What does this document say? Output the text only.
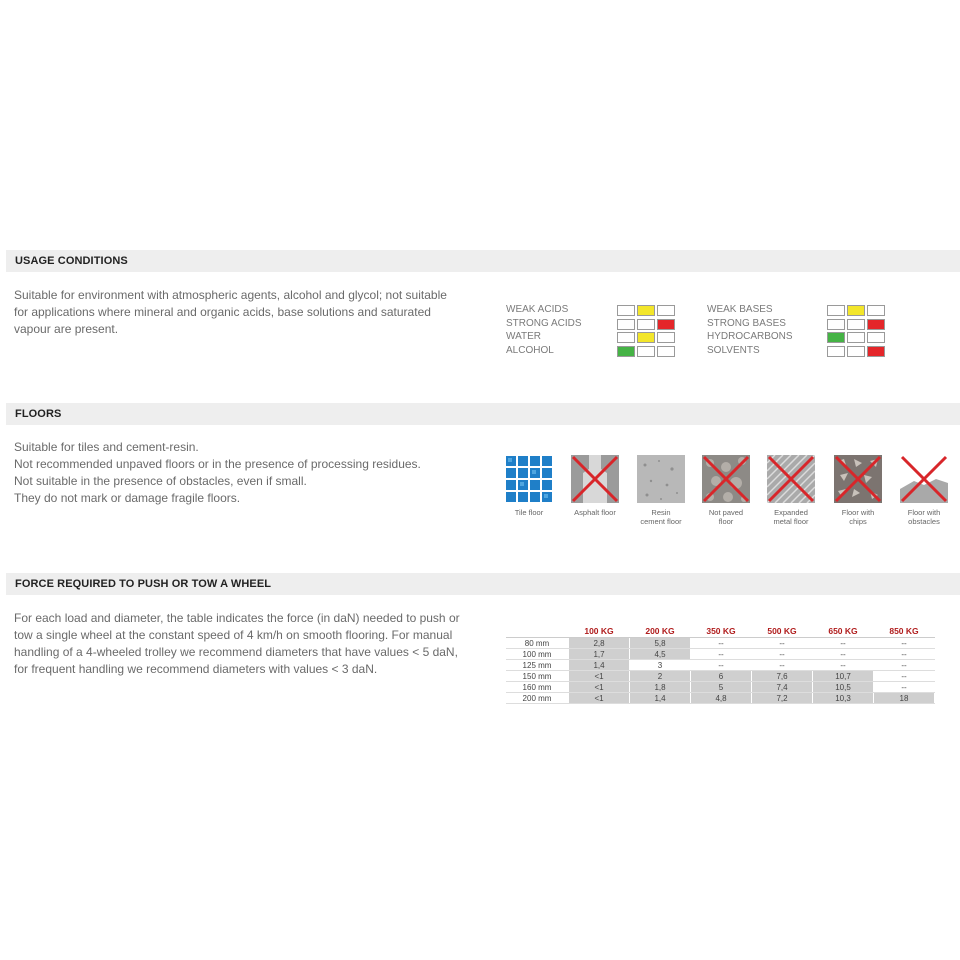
USAGE CONDITIONS
Suitable for environment with atmospheric agents, alcohol and glycol; not suitable
for applications where mineral and organic acids, base solutions and saturated
vapour are present.
WEAK ACIDS
STRONG ACIDS
WATER
ALCOHOL
WEAK BASES
STRONG BASES
HYDROCARBONS
SOLVENTS
FLOORS
Suitable for tiles and cement-resin.
Not recommended unpaved floors or in the presence of processing residues.
Not suitable in the presence of obstacles, even if small.
They do not mark or damage fragile floors.
Tile floor	Asphalt floor	Resin
cement floor
Not paved
floor
Expanded
metal floor
Floor with
chips
Floor with
obstacles
FORCE REQUIRED TO PUSH OR TOW A WHEEL
For each load and diameter, the table indicates the force (in daN) needed to push or
tow a single wheel at the constant speed of 4 km/h on smooth flooring. For manual
handling of a 4-wheeled trolley we recommend diameters that have values < 5 daN,
for frequent handling we recommend diameters with values < 3 daN.
	100 KG	200 KG	350 KG	500 KG	650 KG	850 KG
80 mm	2,8	5,8	--	--	--	--
100 mm	1,7	4,5	--	--	--	--
125 mm	1,4	3	--	--	--	--
150 mm	<1	2	6	7,6	10,7	--
160 mm	<1	1,8	5	7,4	10,5	--
200 mm	<1	1,4	4,8	7,2	10,3	18
